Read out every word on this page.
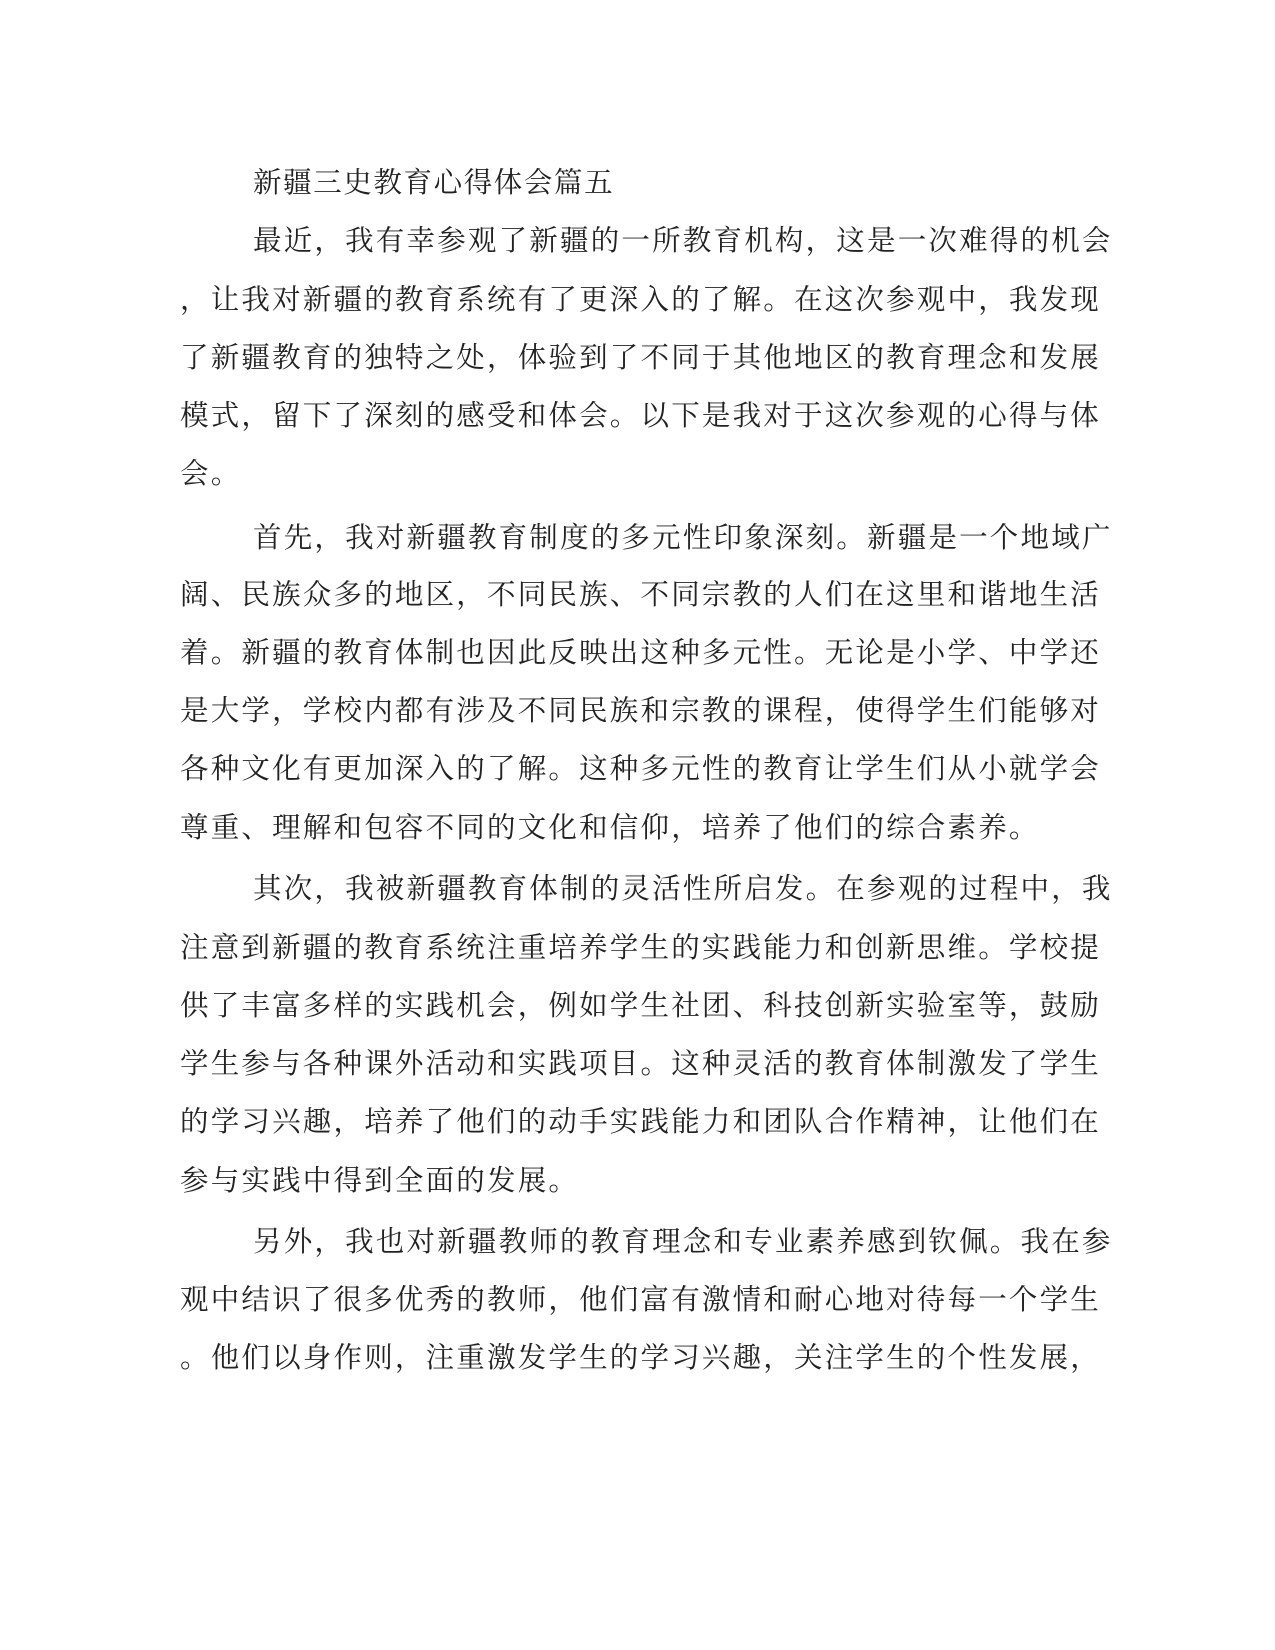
新疆三史教育心得体会篇五
最近，我有幸参观了新疆的一所教育机构，这是一次难得的机会
，让我对新疆的教育系统有了更深入的了解。在这次参观中，我发现
了新疆教育的独特之处，体验到了不同于其他地区的教育理念和发展
模式，留下了深刻的感受和体会。以下是我对于这次参观的心得与体
会。
首先，我对新疆教育制度的多元性印象深刻。新疆是一个地域广
阔、民族众多的地区，不同民族、不同宗教的人们在这里和谐地生活
着。新疆的教育体制也因此反映出这种多元性。无论是小学、中学还
是大学，学校内都有涉及不同民族和宗教的课程，使得学生们能够对
各种文化有更加深入的了解。这种多元性的教育让学生们从小就学会
尊重、理解和包容不同的文化和信仰，培养了他们的综合素养。
其次，我被新疆教育体制的灵活性所启发。在参观的过程中，我
注意到新疆的教育系统注重培养学生的实践能力和创新思维。学校提
供了丰富多样的实践机会，例如学生社团、科技创新实验室等，鼓励
学生参与各种课外活动和实践项目。这种灵活的教育体制激发了学生
的学习兴趣，培养了他们的动手实践能力和团队合作精神，让他们在
参与实践中得到全面的发展。
另外，我也对新疆教师的教育理念和专业素养感到钦佩。我在参
观中结识了很多优秀的教师，他们富有激情和耐心地对待每一个学生
。他们以身作则，注重激发学生的学习兴趣，关注学生的个性发展，
